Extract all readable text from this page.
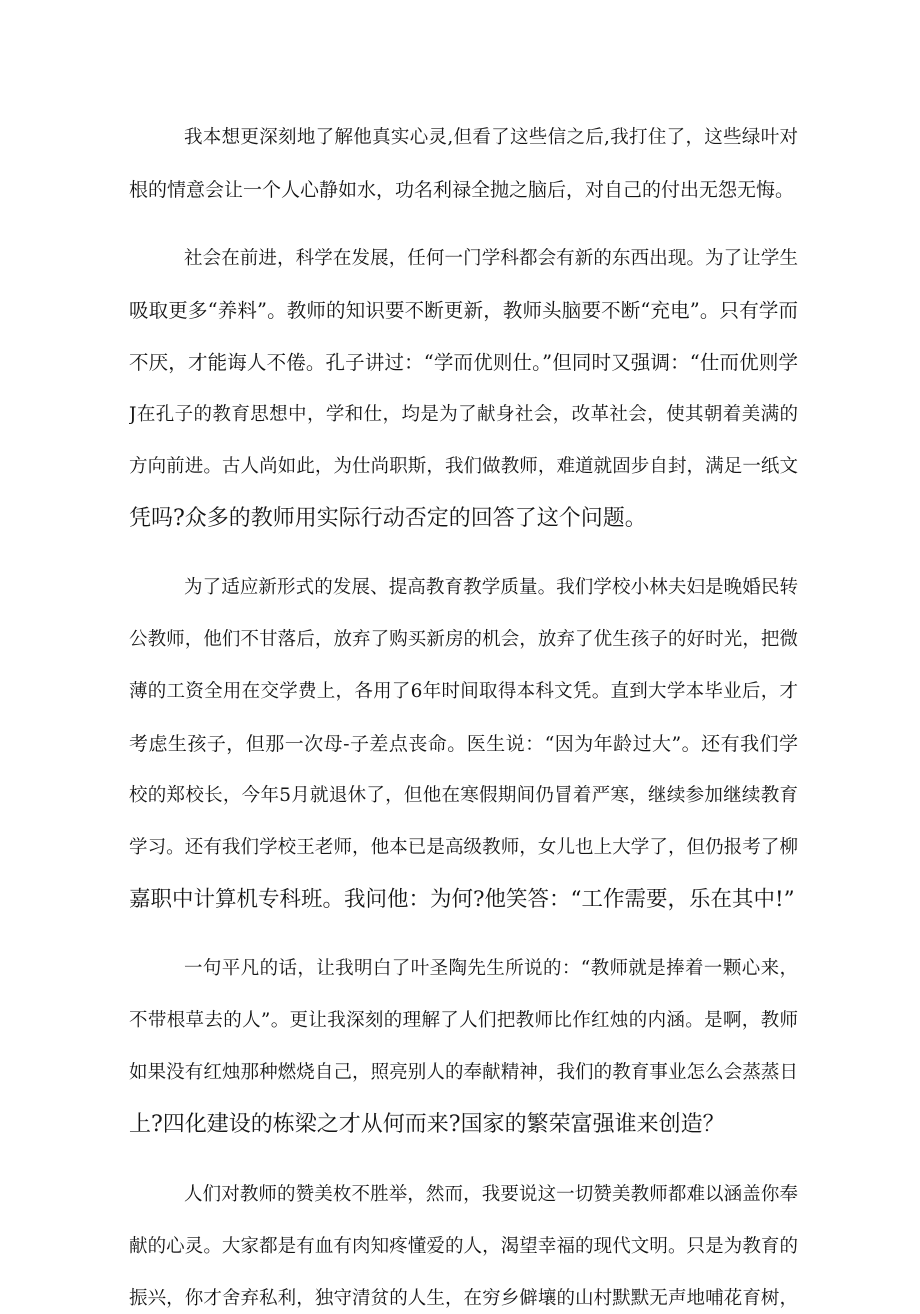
我本想更深刻地了解他真实心灵,但看了这些信之后,我打住了，这些绿叶对
根的情意会让一个人心静如水，功名利禄全抛之脑后，对自己的付出无怨无悔。
社会在前进，科学在发展，任何一门学科都会有新的东西出现。为了让学生
吸取更多“养料”。教师的知识要不断更新，教师头脑要不断“充电”。只有学而
不厌，才能诲人不倦。孔子讲过：“学而优则仕。”但同时又强调：“仕而优则学
J在孔子的教育思想中，学和仕，均是为了献身社会，改革社会，使其朝着美满的
方向前进。古人尚如此，为仕尚职斯，我们做教师，难道就固步自封，满足一纸文
凭吗?众多的教师用实际行动否定的回答了这个问题。
为了适应新形式的发展、提高教育教学质量。我们学校小林夫妇是晚婚民转
公教师，他们不甘落后，放弃了购买新房的机会，放弃了优生孩子的好时光，把微
薄的工资全用在交学费上，各用了6年时间取得本科文凭。直到大学本毕业后，才
考虑生孩子，但那一次母-子差点丧命。医生说：“因为年龄过大”。还有我们学
校的郑校长，今年5月就退休了，但他在寒假期间仍冒着严寒，继续参加继续教育
学习。还有我们学校王老师，他本已是高级教师，女儿也上大学了，但仍报考了柳
嘉职中计算机专科班。我问他：为何?他笑答：“工作需要，乐在其中!”
一句平凡的话，让我明白了叶圣陶先生所说的：“教师就是捧着一颗心来，
不带根草去的人”。更让我深刻的理解了人们把教师比作红烛的内涵。是啊，教师
如果没有红烛那种燃烧自己，照亮别人的奉献精神，我们的教育事业怎么会蒸蒸日
上?四化建设的栋梁之才从何而来?国家的繁荣富强谁来创造？
人们对教师的赞美枚不胜举，然而，我要说这一切赞美教师都难以涵盖你奉
献的心灵。大家都是有血有肉知疼懂爱的人，渴望幸福的现代文明。只是为教育的
振兴，你才舍弃私利，独守清贫的人生，在穷乡僻壤的山村默默无声地哺花育树，
